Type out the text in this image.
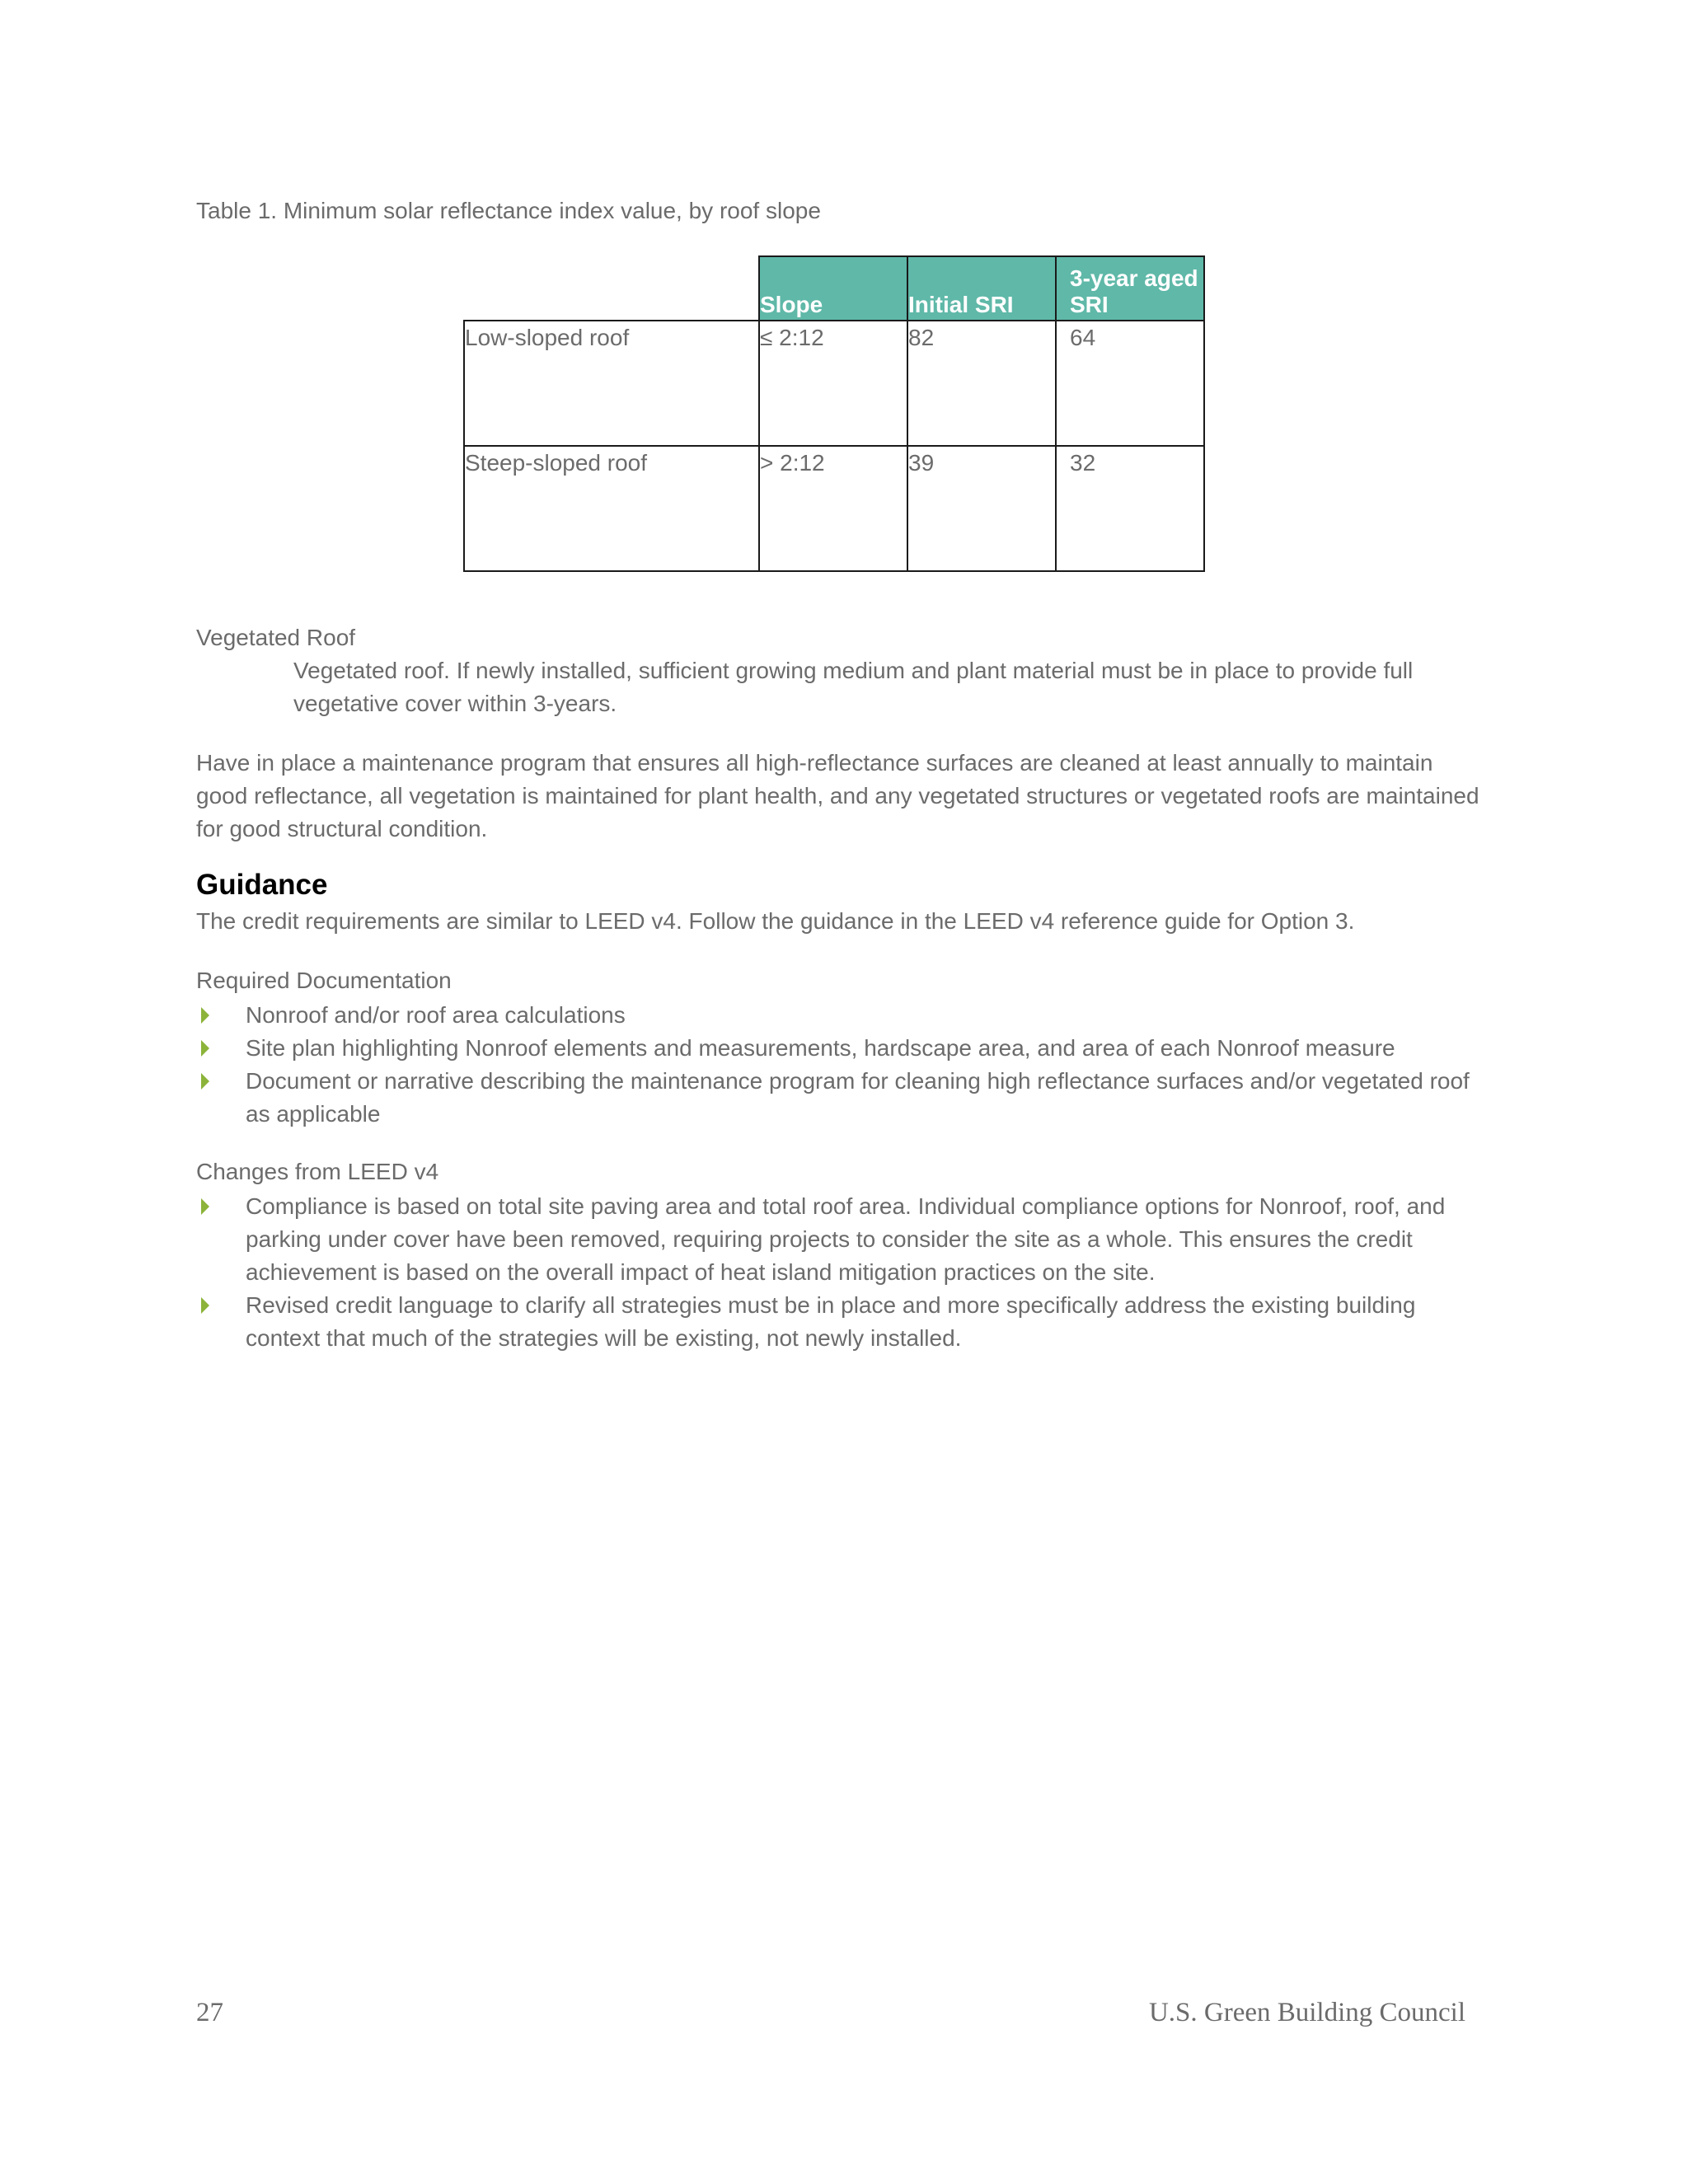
Table 1. Minimum solar reflectance index value, by roof slope
	Slope	Initial SRI	3-year aged SRI
Low-sloped roof	≤ 2:12	82	64
Steep-sloped roof	> 2:12	39	32
Vegetated Roof
Vegetated roof. If newly installed, sufficient growing medium and plant material must be in place to provide full vegetative cover within 3-years.
Have in place a maintenance program that ensures all high-reflectance surfaces are cleaned at least annually to maintain good reflectance, all vegetation is maintained for plant health, and any vegetated structures or vegetated roofs are maintained for good structural condition.
Guidance
The credit requirements are similar to LEED v4. Follow the guidance in the LEED v4 reference guide for Option 3.
Required Documentation
Nonroof and/or roof area calculations
Site plan highlighting Nonroof elements and measurements, hardscape area, and area of each Nonroof measure
Document or narrative describing the maintenance program for cleaning high reflectance surfaces and/or vegetated roof as applicable
Changes from LEED v4
Compliance is based on total site paving area and total roof area. Individual compliance options for Nonroof, roof, and parking under cover have been removed, requiring projects to consider the site as a whole. This ensures the credit achievement is based on the overall impact of heat island mitigation practices on the site.
Revised credit language to clarify all strategies must be in place and more specifically address the existing building context that much of the strategies will be existing, not newly installed.
27	U.S. Green Building Council
